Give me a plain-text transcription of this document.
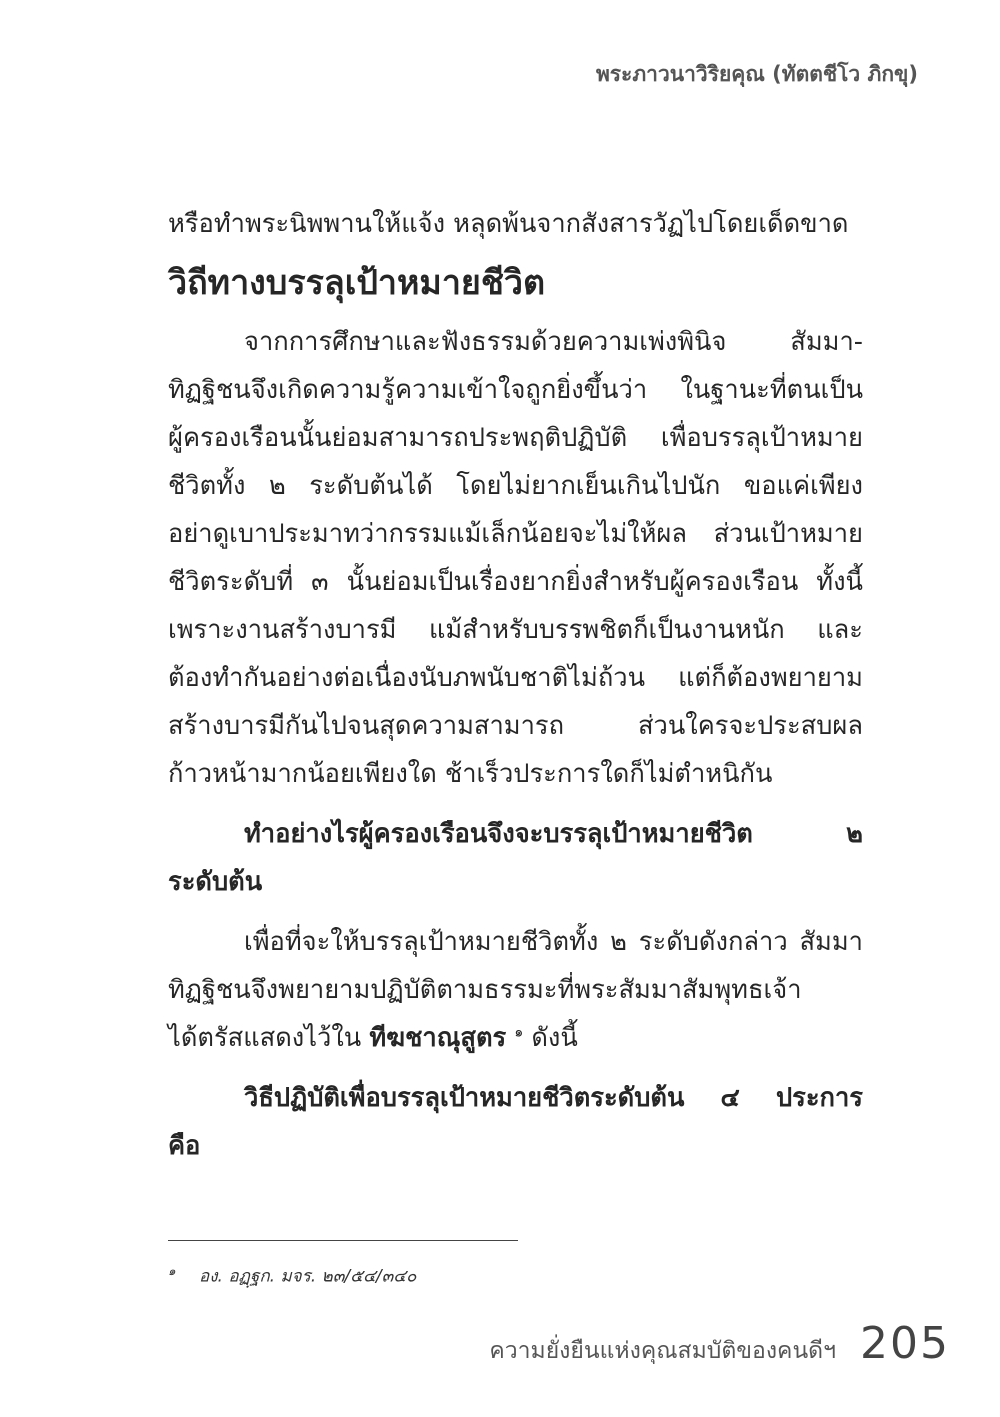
พระภาวนาวิริยคุณ (ทัตตชีโว ภิกขุ)
หรือทำพระนิพพานให้แจ้ง หลุดพ้นจากสังสารวัฏไปโดยเด็ดขาด
วิถีทางบรรลุเป้าหมายชีวิต
จากการศึกษาและฟังธรรมด้วยความเพ่งพินิจ สัมมา-
ทิฏฐิชนจึงเกิดความรู้ความเข้าใจถูกยิ่งขึ้นว่า ในฐานะที่ตนเป็น
ผู้ครองเรือนนั้นย่อมสามารถประพฤติปฏิบัติ เพื่อบรรลุเป้าหมาย
ชีวิตทั้ง ๒ ระดับต้นได้ โดยไม่ยากเย็นเกินไปนัก ขอแค่เพียง
อย่าดูเบาประมาทว่ากรรมแม้เล็กน้อยจะไม่ให้ผล ส่วนเป้าหมาย
ชีวิตระดับที่ ๓ นั้นย่อมเป็นเรื่องยากยิ่งสำหรับผู้ครองเรือน ทั้งนี้
เพราะงานสร้างบารมี แม้สำหรับบรรพชิตก็เป็นงานหนัก และ
ต้องทำกันอย่างต่อเนื่องนับภพนับชาติไม่ถ้วน แต่ก็ต้องพยายาม
สร้างบารมีกันไปจนสุดความสามารถ ส่วนใครจะประสบผล
ก้าวหน้ามากน้อยเพียงใด ช้าเร็วประการใดก็ไม่ตำหนิกัน
ทำอย่างไรผู้ครองเรือนจึงจะบรรลุเป้าหมายชีวิต ๒
ระดับต้น
เพื่อที่จะให้บรรลุเป้าหมายชีวิตทั้ง ๒ ระดับดังกล่าว สัมมา
ทิฏฐิชนจึงพยายามปฏิบัติตามธรรมะที่พระสัมมาสัมพุทธเจ้า
ได้ตรัสแสดงไว้ใน ทีฆชาณุสูตร $^๑$ ดังนี้
วิธีปฏิบัติเพื่อบรรลุเป้าหมายชีวิตระดับต้น ๔ ประการ
คือ
$^๑$ อง. อฏฺฐก. มจร. ๒๓/๕๔/๓๔๐
ความยั่งยืนแห่งคุณสมบัติของคนดีฯ 205
